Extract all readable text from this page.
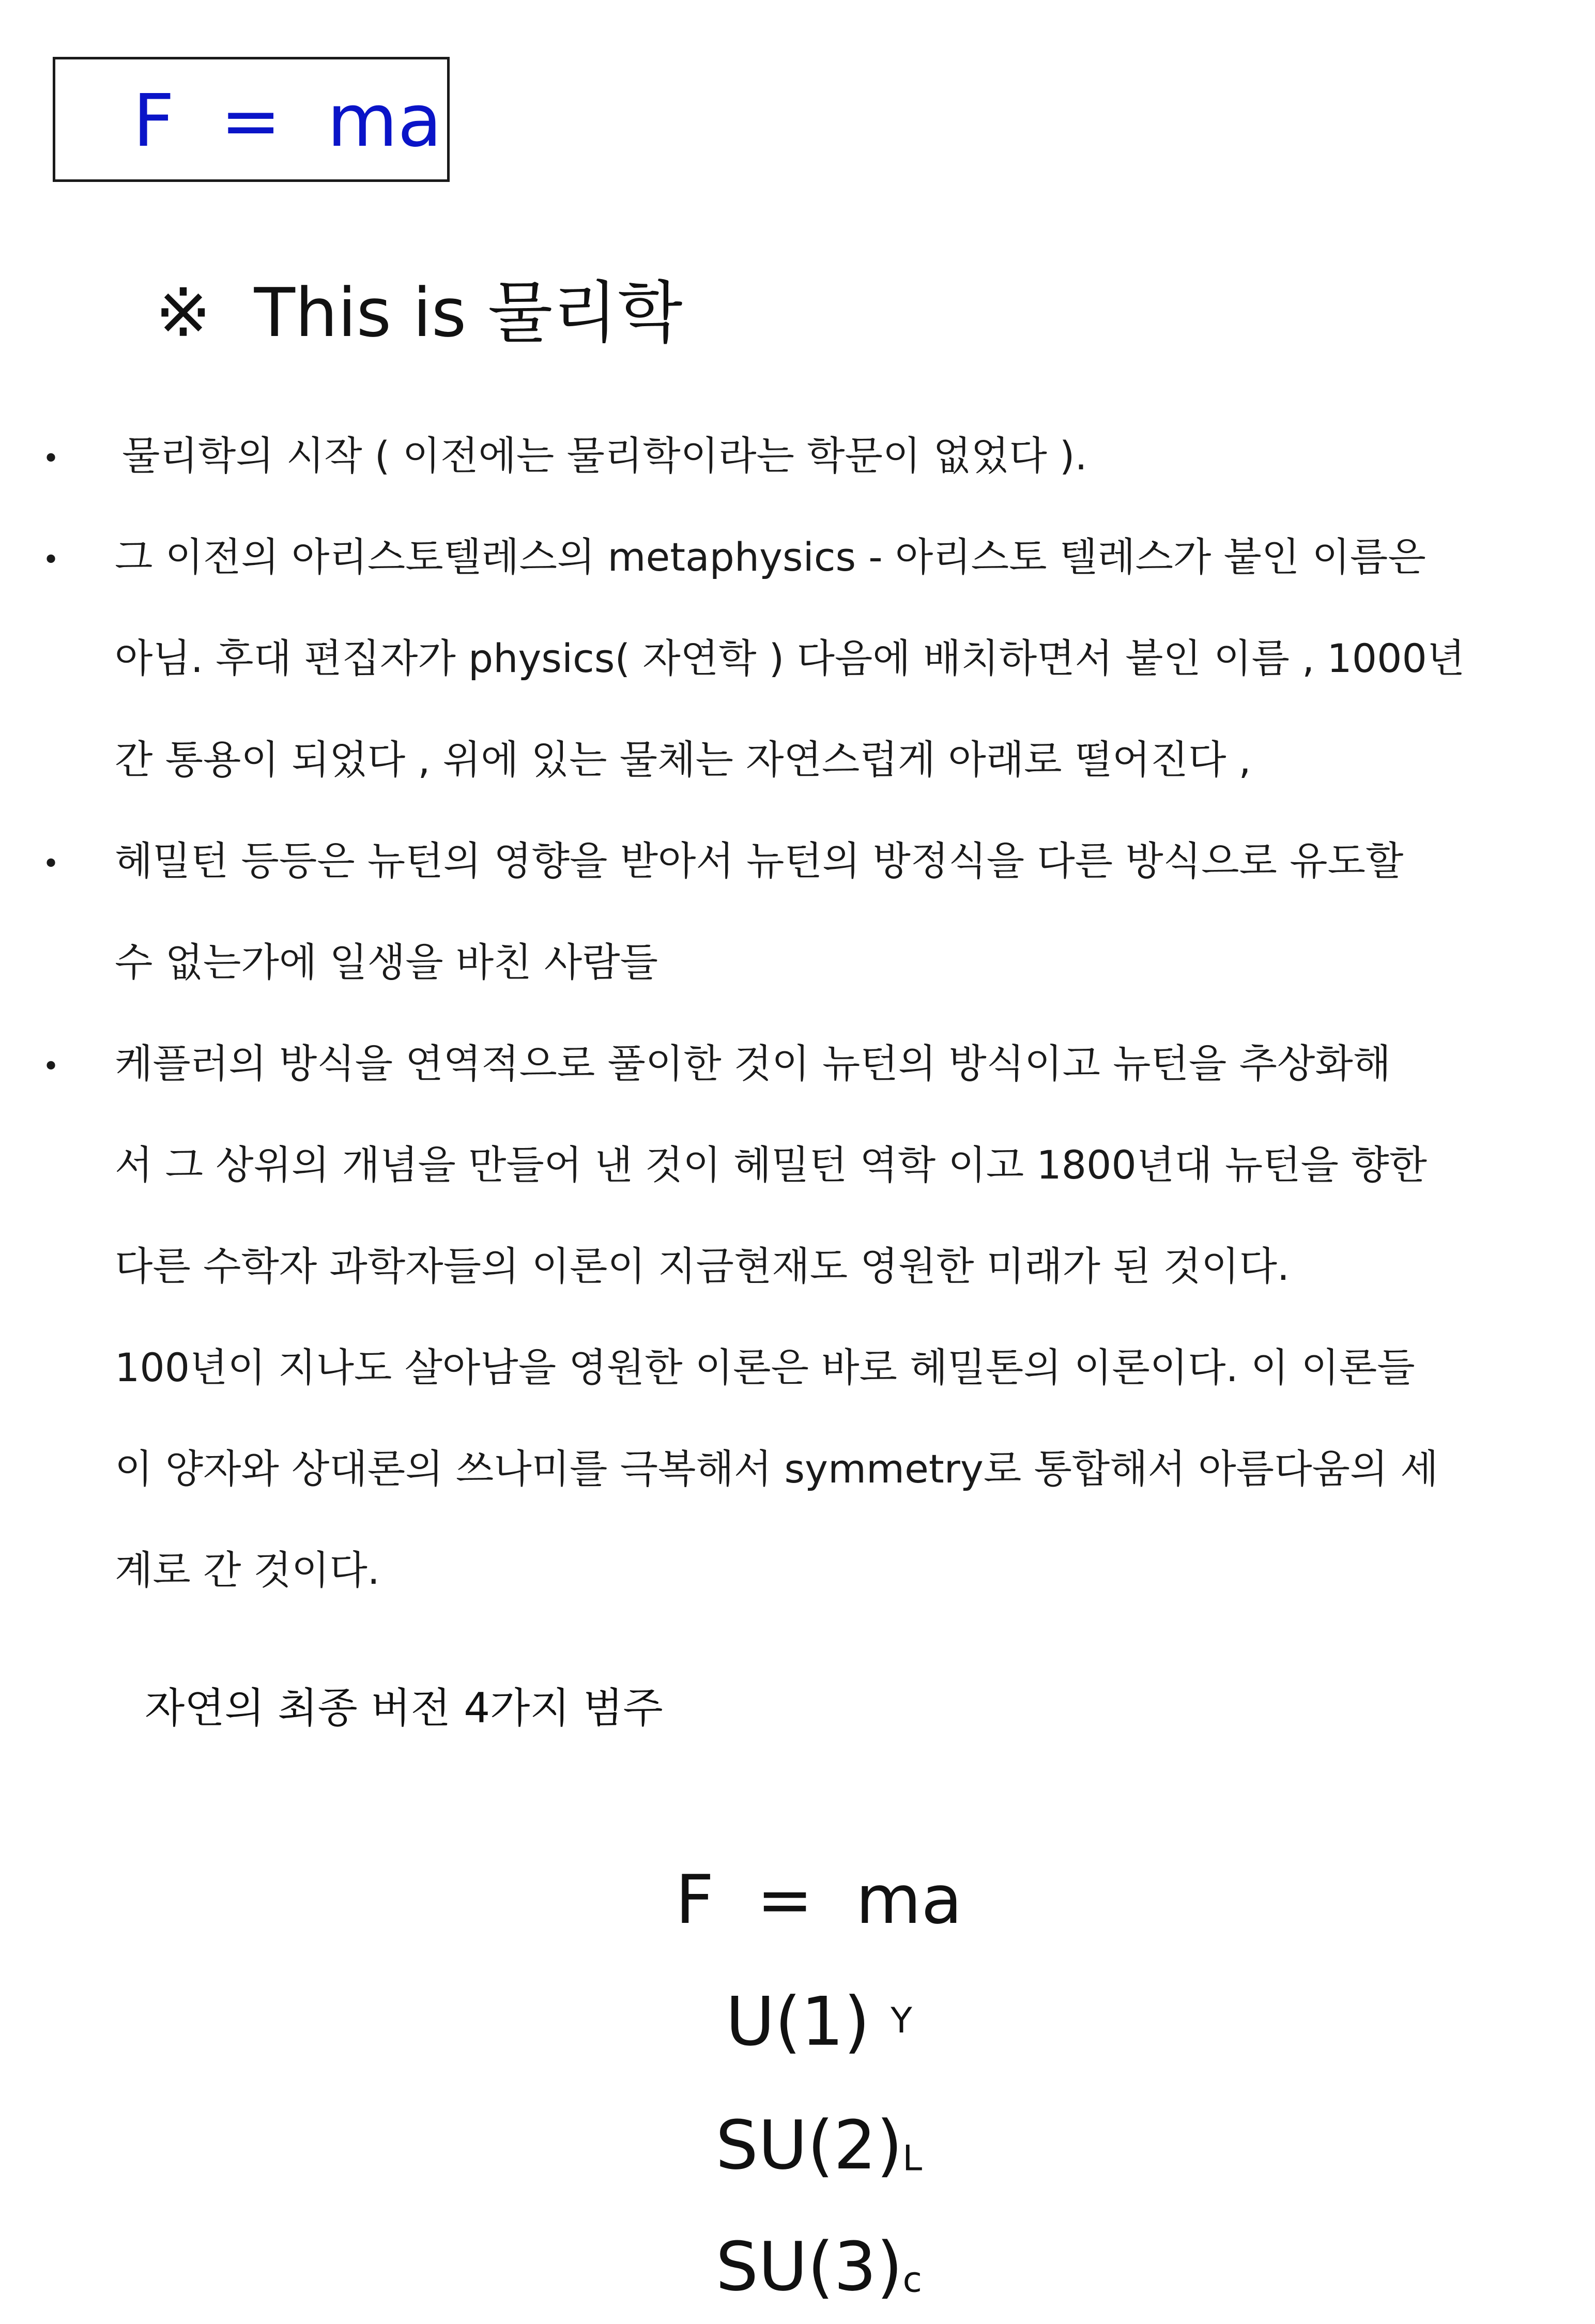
F  =  ma
※  This is 물리학
• 물리학의 시작 ( 이전에는 물리학이라는 학문이 없었다 ).
• 그 이전의 아리스토텔레스의 metaphysics - 아리스토 텔레스가 붙인 이름은
아님. 후대 편집자가 physics( 자연학 ) 다음에 배치하면서 붙인 이름 , 1000년
간 통용이 되었다 , 위에 있는 물체는 자연스럽게 아래로 떨어진다 ,
• 헤밀턴 등등은 뉴턴의 영향을 받아서 뉴턴의 방정식을 다른 방식으로 유도할
수 없는가에 일생을 바친 사람들
• 케플러의 방식을 연역적으로 풀이한 것이 뉴턴의 방식이고 뉴턴을 추상화해
서 그 상위의 개념을 만들어 낸 것이 헤밀턴 역학 이고 1800년대 뉴턴을 향한
다른 수학자 과학자들의 이론이 지금현재도 영원한 미래가 된 것이다.
100년이 지나도 살아남을 영원한 이론은 바로 헤밀톤의 이론이다. 이 이론들
이 양자와 상대론의 쓰나미를 극복해서 symmetry로 통합해서 아름다움의 세
계로 간 것이다.
자연의 최종 버전 4가지 범주

F  =  ma

U(1) $^Y$

SU(2)L

SU(3)c
